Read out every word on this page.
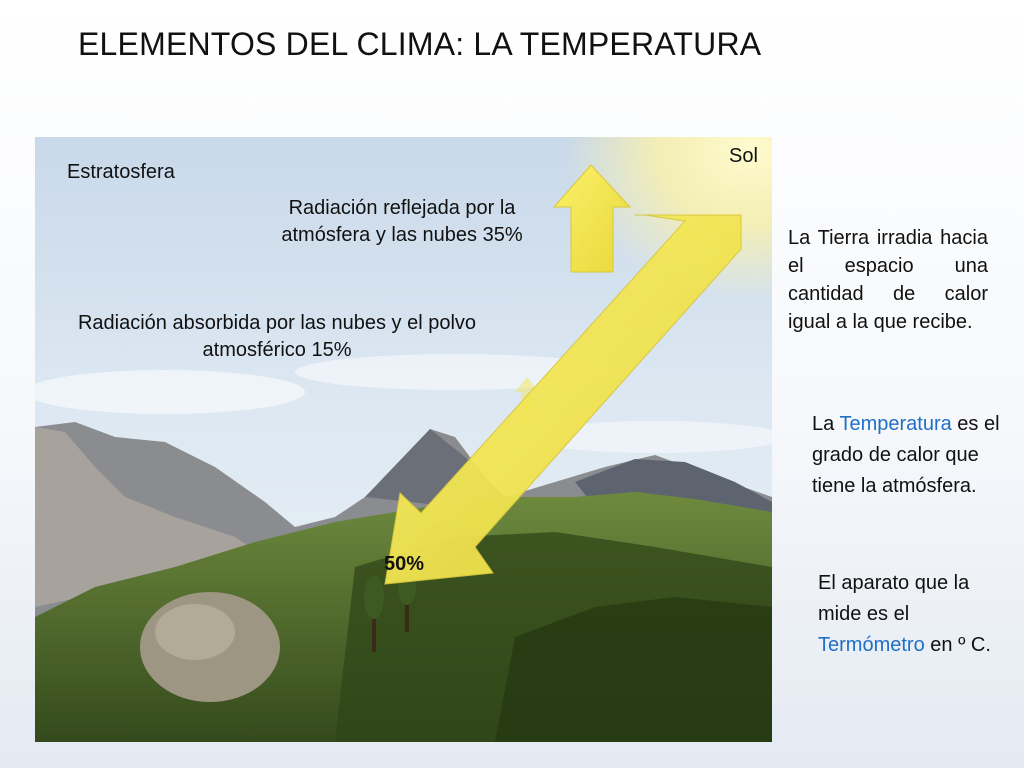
ELEMENTOS DEL CLIMA: LA TEMPERATURA
Estratosfera
Sol
Radiación reflejada por la atmósfera y las nubes 35%
Radiación absorbida por las nubes y el polvo atmosférico 15%
50%
La Tierra irradia hacia el espacio una cantidad de calor igual a la que recibe.
La Temperatura es el grado de calor que tiene la atmósfera.
El aparato que la mide es el Termómetro en º C.
